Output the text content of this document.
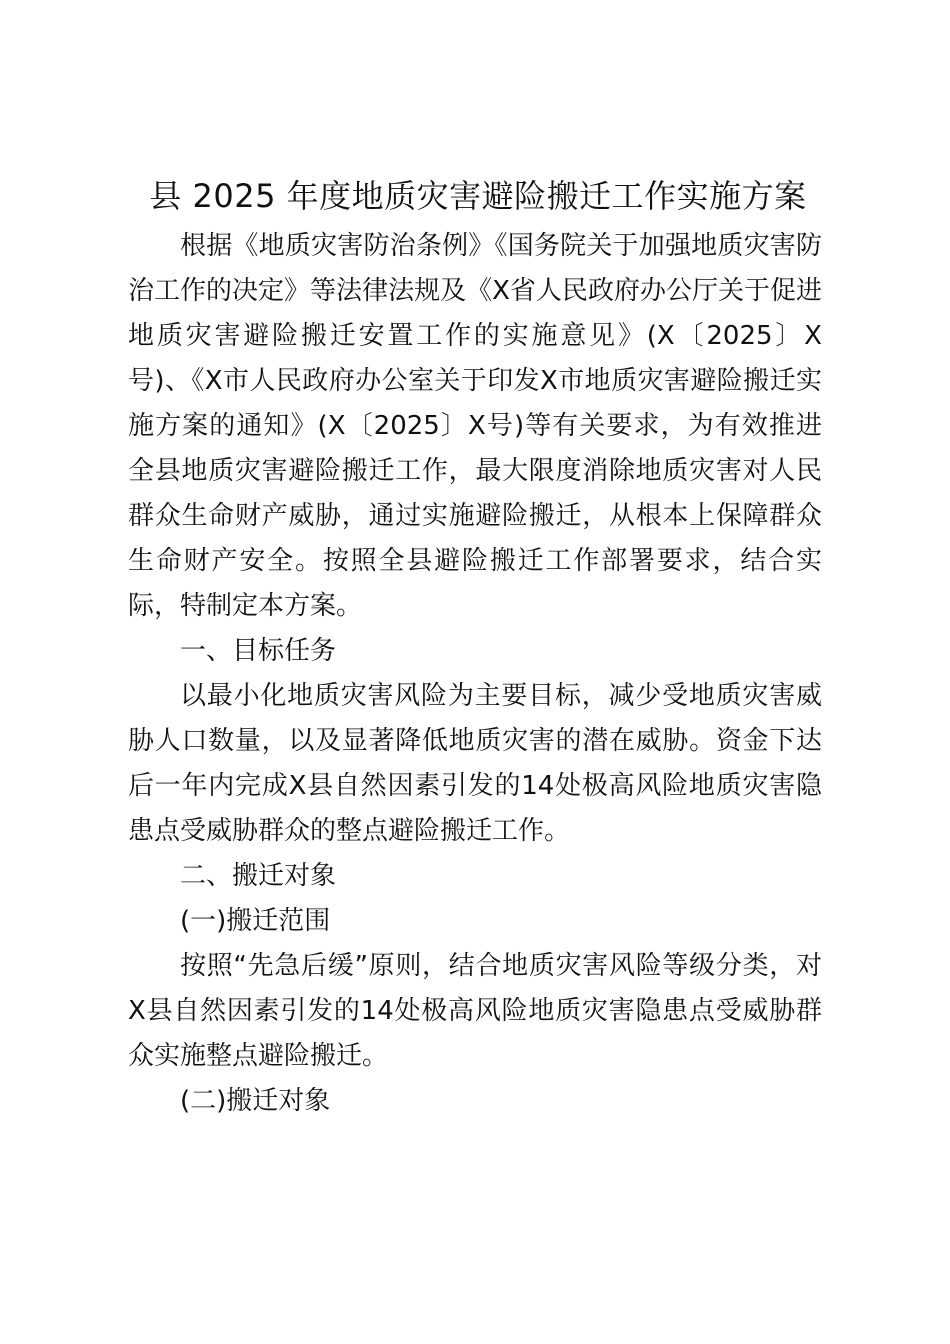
县 2025 年度地质灾害避险搬迁工作实施方案

根据《地质灾害防治条例》《国务院关于加强地质灾害防治工作的决定》等法律法规及《X省人民政府办公厅关于促进地质灾害避险搬迁安置工作的实施意见》(X〔2025〕X号)、《X市人民政府办公室关于印发X市地质灾害避险搬迁实施方案的通知》(X〔2025〕X号)等有关要求，为有效推进全县地质灾害避险搬迁工作，最大限度消除地质灾害对人民群众生命财产威胁，通过实施避险搬迁，从根本上保障群众生命财产安全。按照全县避险搬迁工作部署要求，结合实际，特制定本方案。

一、目标任务

以最小化地质灾害风险为主要目标，减少受地质灾害威胁人口数量，以及显著降低地质灾害的潜在威胁。资金下达后一年内完成X县自然因素引发的14处极高风险地质灾害隐患点受威胁群众的整点避险搬迁工作。

二、搬迁对象

(一)搬迁范围

按照“先急后缓”原则，结合地质灾害风险等级分类，对X县自然因素引发的14处极高风险地质灾害隐患点受威胁群众实施整点避险搬迁。

(二)搬迁对象
